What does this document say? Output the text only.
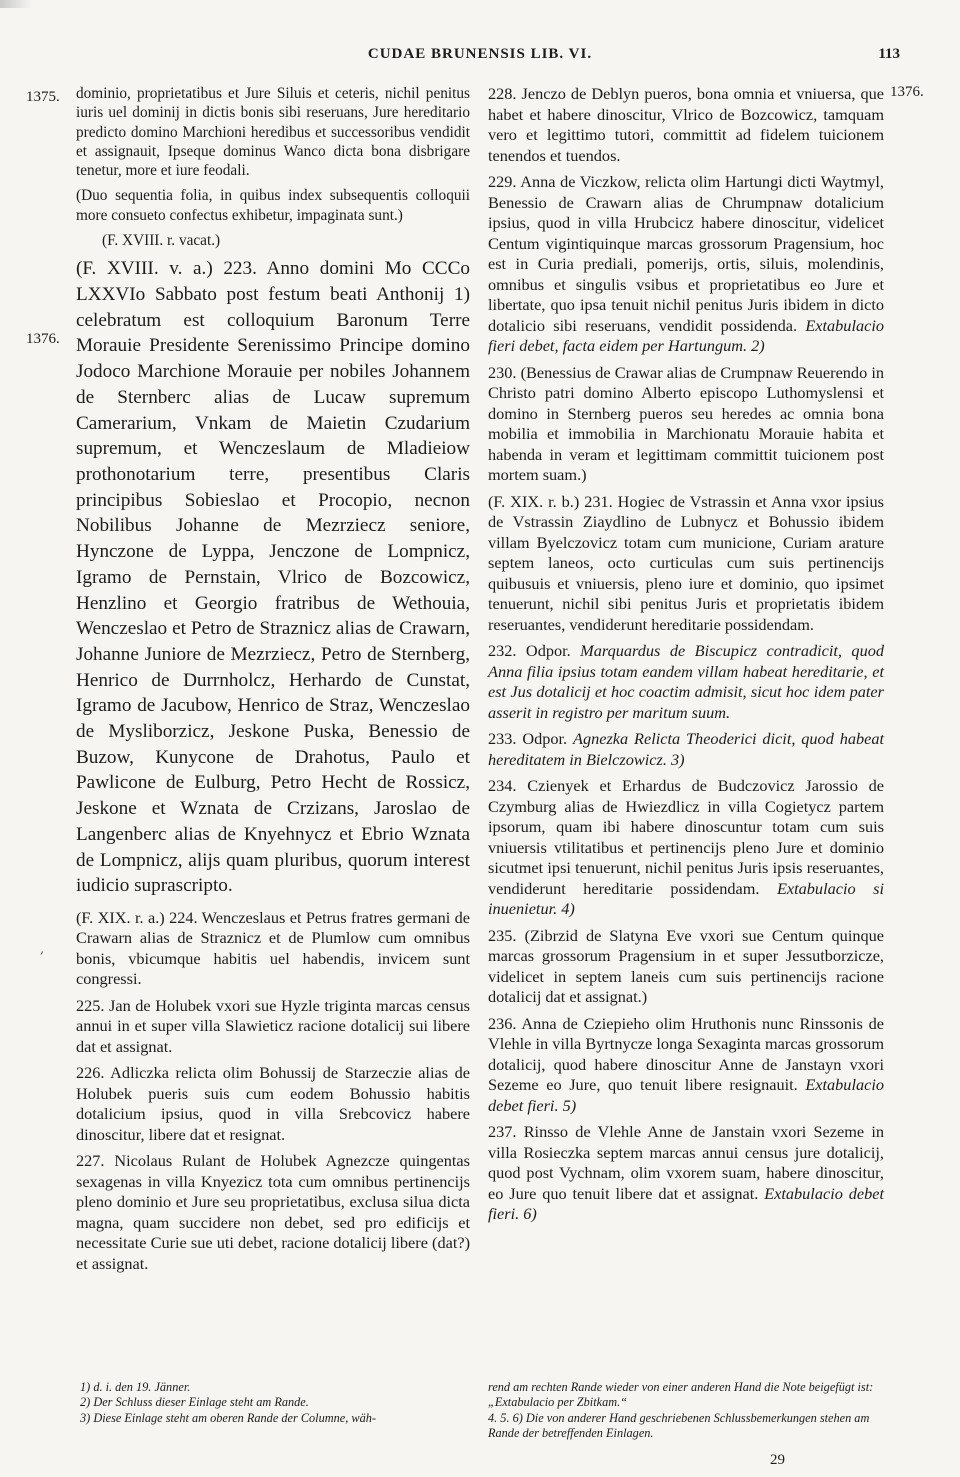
,
CUDAE BRUNENSIS LIB. VI.	113
1375.
1376.
1376.

dominio, proprietatibus et Jure Siluis et ceteris, nichil penitus iuris uel dominij in dictis bonis sibi reseruans, Jure hereditario predicto domino Marchioni heredibus et successoribus vendidit et assignauit, Ipseque dominus Wanco dicta bona disbrigare tenetur, more et iure feodali.

(Duo sequentia folia, in quibus index subsequentis colloquii more consueto confectus exhibetur, impaginata sunt.)

(F. XVIII. r. vacat.)

(F. XVIII. v. a.) 223. Anno domini Mo CCCo LXXVIo Sabbato post festum beati Anthonij 1) celebratum est colloquium Baronum Terre Morauie Presidente Serenissimo Principe domino Jodoco Marchione Morauie per nobiles Johannem de Sternberc alias de Lucaw supremum Camerarium, Vnkam de Maietin Czudarium supremum, et Wenczeslaum de Mladieiow prothonotarium terre, presentibus Claris principibus Sobieslao et Procopio, necnon Nobilibus Johanne de Mezrziecz seniore, Hynczone de Lyppa, Jenczone de Lompnicz, Igramo de Pernstain, Vlrico de Bozcowicz, Henzlino et Georgio fratribus de Wethouia, Wenczeslao et Petro de Straznicz alias de Crawarn, Johanne Juniore de Mezrziecz, Petro de Sternberg, Henrico de Durrnholcz, Herhardo de Cunstat, Igramo de Jacubow, Henrico de Straz, Wenczeslao de Mysliborzicz, Jeskone Puska, Benessio de Buzow, Kunycone de Drahotus, Paulo et Pawlicone de Eulburg, Petro Hecht de Rossicz, Jeskone et Wznata de Crzizans, Jaroslao de Langenberc alias de Knyehnycz et Ebrio Wznata de Lompnicz, alijs quam pluribus, quorum interest iudicio suprascripto.

(F. XIX. r. a.) 224. Wenczeslaus et Petrus fratres germani de Crawarn alias de Straznicz et de Plumlow cum omnibus bonis, vbicumque habitis uel habendis, invicem sunt congressi.

225. Jan de Holubek vxori sue Hyzle triginta marcas census annui in et super villa Slawieticz racione dotalicij sui libere dat et assignat.

226. Adliczka relicta olim Bohussij de Starzeczie alias de Holubek pueris suis cum eodem Bohussio habitis dotalicium ipsius, quod in villa Srebcovicz habere dinoscitur, libere dat et resignat.

227. Nicolaus Rulant de Holubek Agnezcze quingentas sexagenas in villa Knyezicz tota cum omnibus pertinencijs pleno dominio et Jure seu proprietatibus, exclusa silua dicta magna, quam succidere non debet, sed pro edificijs et necessitate Curie sue uti debet, racione dotalicij libere (dat?) et assignat.

228. Jenczo de Deblyn pueros, bona omnia et vniuersa, que habet et habere dinoscitur, Vlrico de Bozcowicz, tamquam vero et legittimo tutori, committit ad fidelem tuicionem tenendos et tuendos.

229. Anna de Viczkow, relicta olim Hartungi dicti Waytmyl, Benessio de Crawarn alias de Chrumpnaw dotalicium ipsius, quod in villa Hrubcicz habere dinoscitur, videlicet Centum vigintiquinque marcas grossorum Pragensium, hoc est in Curia prediali, pomerijs, ortis, siluis, molendinis, omnibus et singulis vsibus et proprietatibus eo Jure et libertate, quo ipsa tenuit nichil penitus Juris ibidem in dicto dotalicio sibi reseruans, vendidit possidenda. Extabulacio fieri debet, facta eidem per Hartungum. 2)

230. (Benessius de Crawar alias de Crumpnaw Reuerendo in Christo patri domino Alberto episcopo Luthomyslensi et domino in Sternberg pueros seu heredes ac omnia bona mobilia et immobilia in Marchionatu Morauie habita et habenda in veram et legittimam committit tuicionem post mortem suam.)

(F. XIX. r. b.) 231. Hogiec de Vstrassin et Anna vxor ipsius de Vstrassin Ziaydlino de Lubnycz et Bohussio ibidem villam Byelczovicz totam cum municione, Curiam arature septem laneos, octo curticulas cum suis pertinencijs quibusuis et vniuersis, pleno iure et dominio, quo ipsimet tenuerunt, nichil sibi penitus Juris et proprietatis ibidem reseruantes, vendiderunt hereditarie possidendam.

232. Odpor. Marquardus de Biscupicz contradicit, quod Anna filia ipsius totam eandem villam habeat hereditarie, et est Jus dotalicij et hoc coactim admisit, sicut hoc idem pater asserit in registro per maritum suum.

233. Odpor. Agnezka Relicta Theoderici dicit, quod habeat hereditatem in Bielczowicz. 3)

234. Czienyek et Erhardus de Budczovicz Jarossio de Czymburg alias de Hwiezdlicz in villa Cogietycz partem ipsorum, quam ibi habere dinoscuntur totam cum suis vniuersis vtilitatibus et pertinencijs pleno Jure et dominio sicutmet ipsi tenuerunt, nichil penitus Juris ipsis reseruantes, vendiderunt hereditarie possidendam. Extabulacio si inuenietur. 4)

235. (Zibrzid de Slatyna Eve vxori sue Centum quinque marcas grossorum Pragensium in et super Jessutborzicze, videlicet in septem laneis cum suis pertinencijs racione dotalicij dat et assignat.)

236. Anna de Cziepieho olim Hruthonis nunc Rinssonis de Vlehle in villa Byrtnycze longa Sexaginta marcas grossorum dotalicij, quod habere dinoscitur Anne de Janstayn vxori Sezeme eo Jure, quo tenuit libere resignauit. Extabulacio debet fieri. 5)

237. Rinsso de Vlehle Anne de Janstain vxori Sezeme in villa Rosieczka septem marcas annui census jure dotalicij, quod post Vychnam, olim vxorem suam, habere dinoscitur, eo Jure quo tenuit libere dat et assignat. Extabulacio debet fieri. 6)

1) d. i. den 19. Jänner.
2) Der Schluss dieser Einlage steht am Rande.
3) Diese Einlage steht am oberen Rande der Columne, wäh-
rend am rechten Rande wieder von einer anderen Hand die Note beigefügt ist: „Extabulacio per Zbitkam.“
4. 5. 6) Die von anderer Hand geschriebenen Schlussbemerkungen stehen am Rande der betreffenden Einlagen.
29
